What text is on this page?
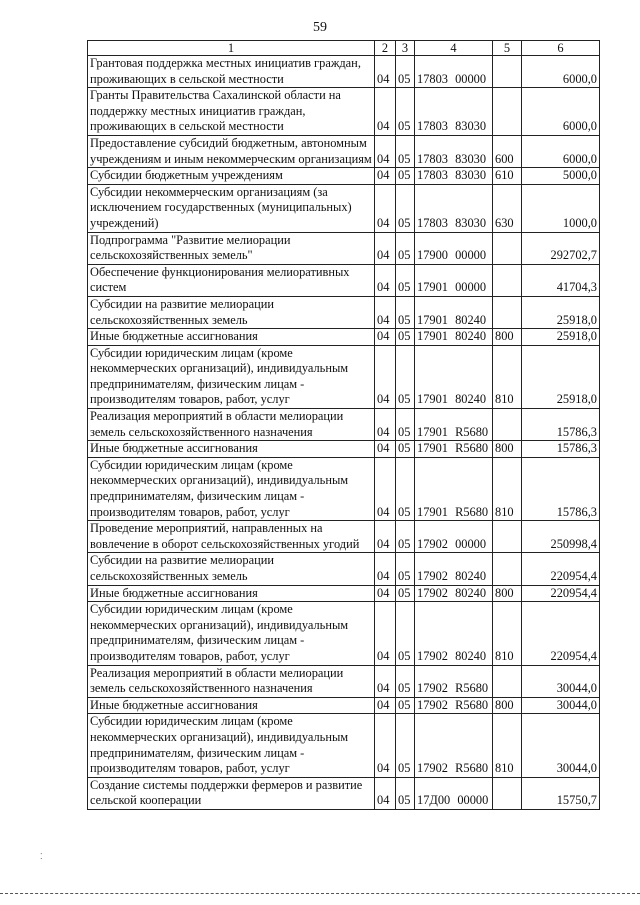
59
1	2	3	4	5	6
Грантовая поддержка местных инициатив граждан, проживающих в сельской местности	04	05	17803 00000		6000,0
Гранты Правительства Сахалинской области на поддержку местных инициатив граждан, проживающих в сельской местности	04	05	17803 83030		6000,0
Предоставление субсидий бюджетным, автономным учреждениям и иным некоммерческим организациям	04	05	17803 83030	600	6000,0
Субсидии бюджетным учреждениям	04	05	17803 83030	610	5000,0
Субсидии некоммерческим организациям (за исключением государственных (муниципальных) учреждений)	04	05	17803 83030	630	1000,0
Подпрограмма "Развитие мелиорации сельскохозяйственных земель"	04	05	17900 00000		292702,7
Обеспечение функционирования мелиоративных систем	04	05	17901 00000		41704,3
Субсидии на развитие мелиорации сельскохозяйственных земель	04	05	17901 80240		25918,0
Иные бюджетные ассигнования	04	05	17901 80240	800	25918,0
Субсидии юридическим лицам (кроме некоммерческих организаций), индивидуальным предпринимателям, физическим лицам - производителям товаров, работ, услуг	04	05	17901 80240	810	25918,0
Реализация мероприятий в области мелиорации земель сельскохозяйственного назначения	04	05	17901 R5680		15786,3
Иные бюджетные ассигнования	04	05	17901 R5680	800	15786,3
Субсидии юридическим лицам (кроме некоммерческих организаций), индивидуальным предпринимателям, физическим лицам - производителям товаров, работ, услуг	04	05	17901 R5680	810	15786,3
Проведение мероприятий, направленных на вовлечение в оборот сельскохозяйственных угодий	04	05	17902 00000		250998,4
Субсидии на развитие мелиорации сельскохозяйственных земель	04	05	17902 80240		220954,4
Иные бюджетные ассигнования	04	05	17902 80240	800	220954,4
Субсидии юридическим лицам (кроме некоммерческих организаций), индивидуальным предпринимателям, физическим лицам - производителям товаров, работ, услуг	04	05	17902 80240	810	220954,4
Реализация мероприятий в области мелиорации земель сельскохозяйственного назначения	04	05	17902 R5680		30044,0
Иные бюджетные ассигнования	04	05	17902 R5680	800	30044,0
Субсидии юридическим лицам (кроме некоммерческих организаций), индивидуальным предпринимателям, физическим лицам - производителям товаров, работ, услуг	04	05	17902 R5680	810	30044,0
Создание системы поддержки фермеров и развитие сельской кооперации	04	05	17Д00 00000		15750,7
⁚
